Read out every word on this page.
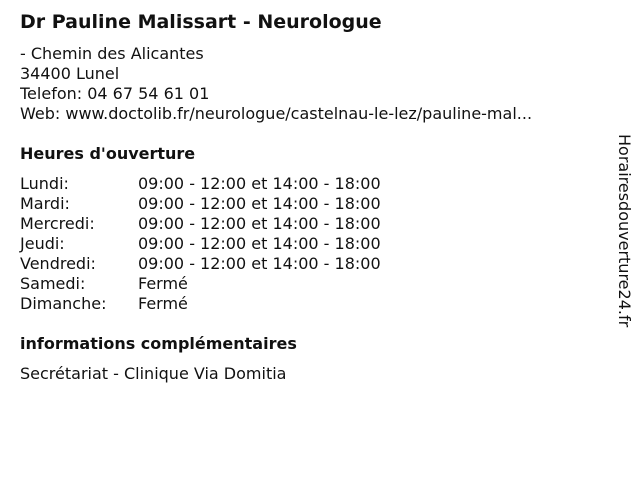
Dr Pauline Malissart - Neurologue
- Chemin des Alicantes
34400 Lunel
Telefon: 04 67 54 61 01
Web: www.doctolib.fr/neurologue/castelnau-le-lez/pauline-mal...
Heures d'ouverture
Lundi:	09:00 - 12:00 et 14:00 - 18:00
Mardi:	09:00 - 12:00 et 14:00 - 18:00
Mercredi:	09:00 - 12:00 et 14:00 - 18:00
Jeudi:	09:00 - 12:00 et 14:00 - 18:00
Vendredi:	09:00 - 12:00 et 14:00 - 18:00
Samedi:	Fermé
Dimanche:	Fermé
informations complémentaires
Secrétariat - Clinique Via Domitia
Horairesdouverture24.fr
